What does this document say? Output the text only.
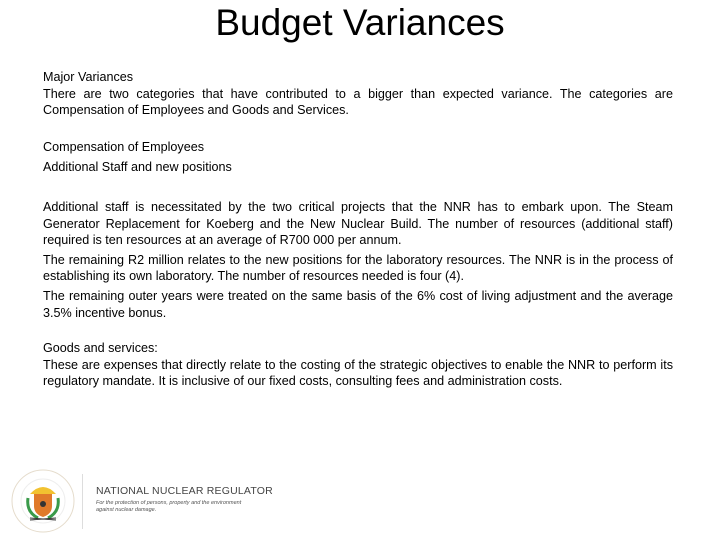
Budget Variances

Major Variances

There are two categories that have contributed to a bigger than expected variance. The categories are Compensation of Employees and Goods and Services.

Compensation of Employees

Additional Staff and new positions

Additional staff is necessitated by the two critical projects that the NNR has to embark upon. The Steam Generator Replacement for Koeberg and the New Nuclear Build. The number of resources (additional staff) required is ten resources at an average of R700 000 per annum.

The remaining R2 million relates to the new positions for the laboratory resources. The NNR is in the process of establishing its own laboratory. The number of resources needed is four (4).

The remaining outer years were treated on the same basis of the 6% cost of living adjustment and the average 3.5% incentive bonus.

Goods and services:

These are expenses that directly relate to the costing of the strategic objectives to enable the NNR to perform its regulatory mandate. It is inclusive of our fixed costs, consulting fees and administration costs.

NATIONAL NUCLEAR REGULATOR
For the protection of persons, property and the environment against nuclear damage.
